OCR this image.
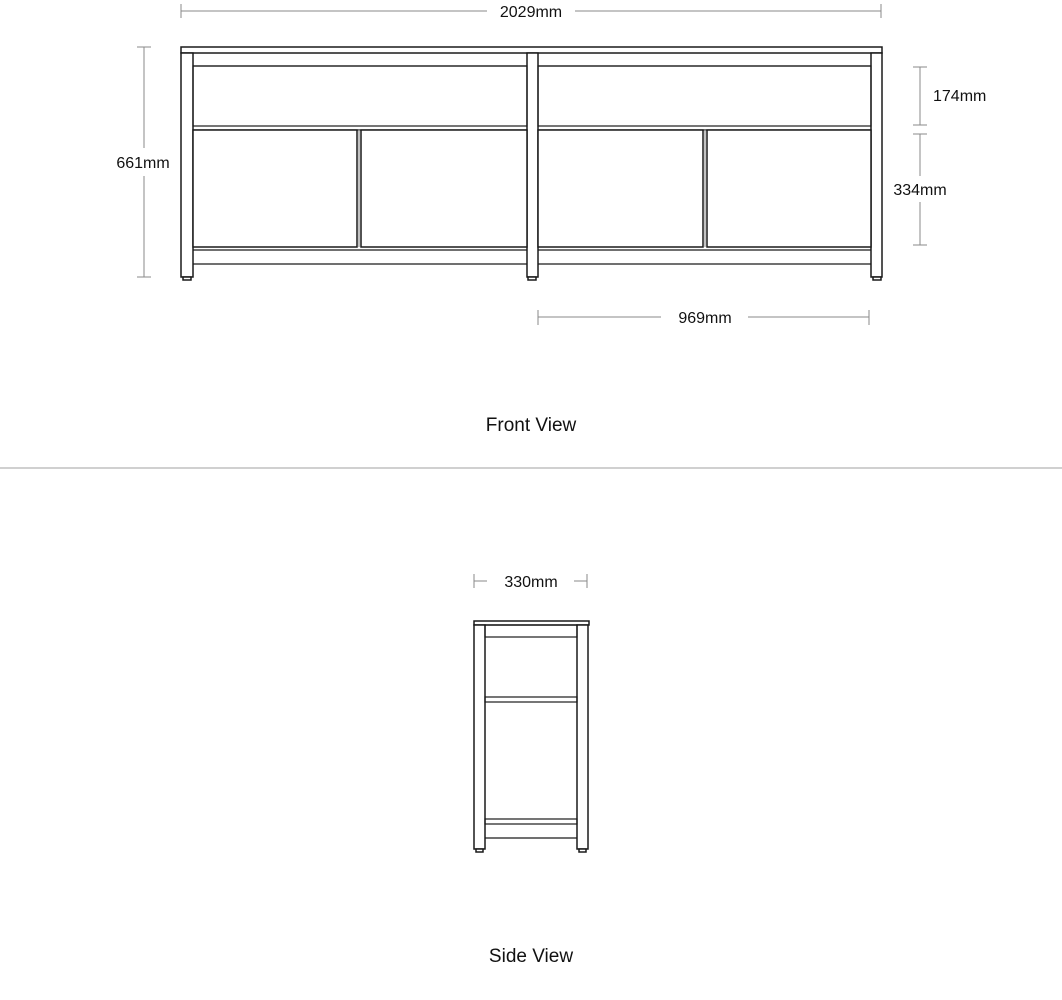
2029mm
661mm
174mm
334mm
969mm
Front View
330mm
Side View
